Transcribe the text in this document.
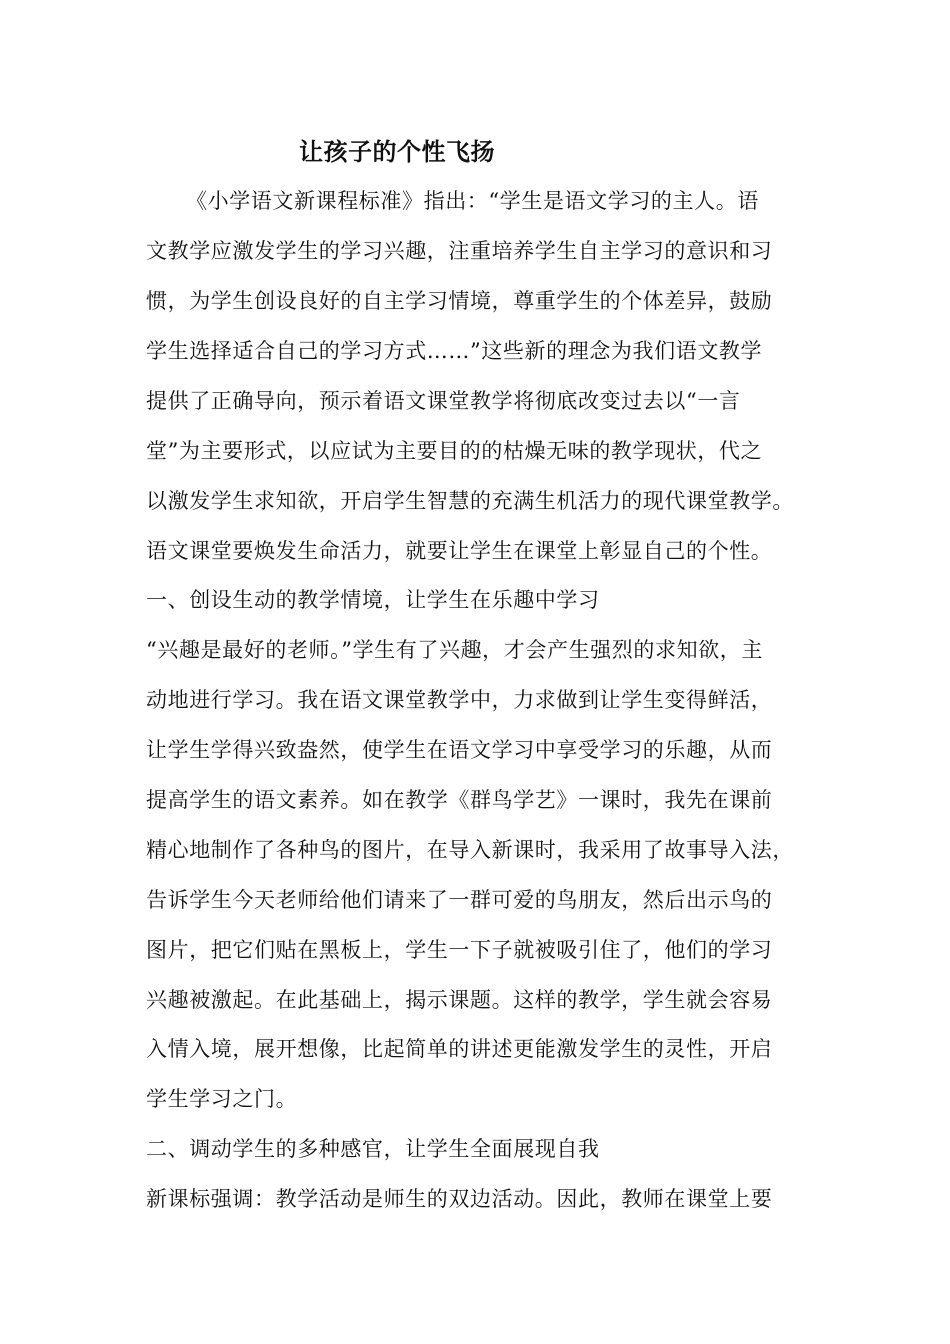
让孩子的个性飞扬
《小学语文新课程标准》指出：“学生是语文学习的主人。语
文教学应激发学生的学习兴趣，注重培养学生自主学习的意识和习
惯，为学生创设良好的自主学习情境，尊重学生的个体差异，鼓励
学生选择适合自己的学习方式……”这些新的理念为我们语文教学
提供了正确导向，预示着语文课堂教学将彻底改变过去以“一言
堂”为主要形式，以应试为主要目的的枯燥无味的教学现状，代之
以激发学生求知欲，开启学生智慧的充满生机活力的现代课堂教学。
语文课堂要焕发生命活力，就要让学生在课堂上彰显自己的个性。
一、创设生动的教学情境，让学生在乐趣中学习
“兴趣是最好的老师。”学生有了兴趣，才会产生强烈的求知欲，主
动地进行学习。我在语文课堂教学中，力求做到让学生变得鲜活，
让学生学得兴致盎然，使学生在语文学习中享受学习的乐趣，从而
提高学生的语文素养。如在教学《群鸟学艺》一课时，我先在课前
精心地制作了各种鸟的图片，在导入新课时，我采用了故事导入法，
告诉学生今天老师给他们请来了一群可爱的鸟朋友，然后出示鸟的
图片，把它们贴在黑板上，学生一下子就被吸引住了，他们的学习
兴趣被激起。在此基础上，揭示课题。这样的教学，学生就会容易
入情入境，展开想像，比起简单的讲述更能激发学生的灵性，开启
学生学习之门。
二、调动学生的多种感官，让学生全面展现自我
新课标强调：教学活动是师生的双边活动。因此，教师在课堂上要
